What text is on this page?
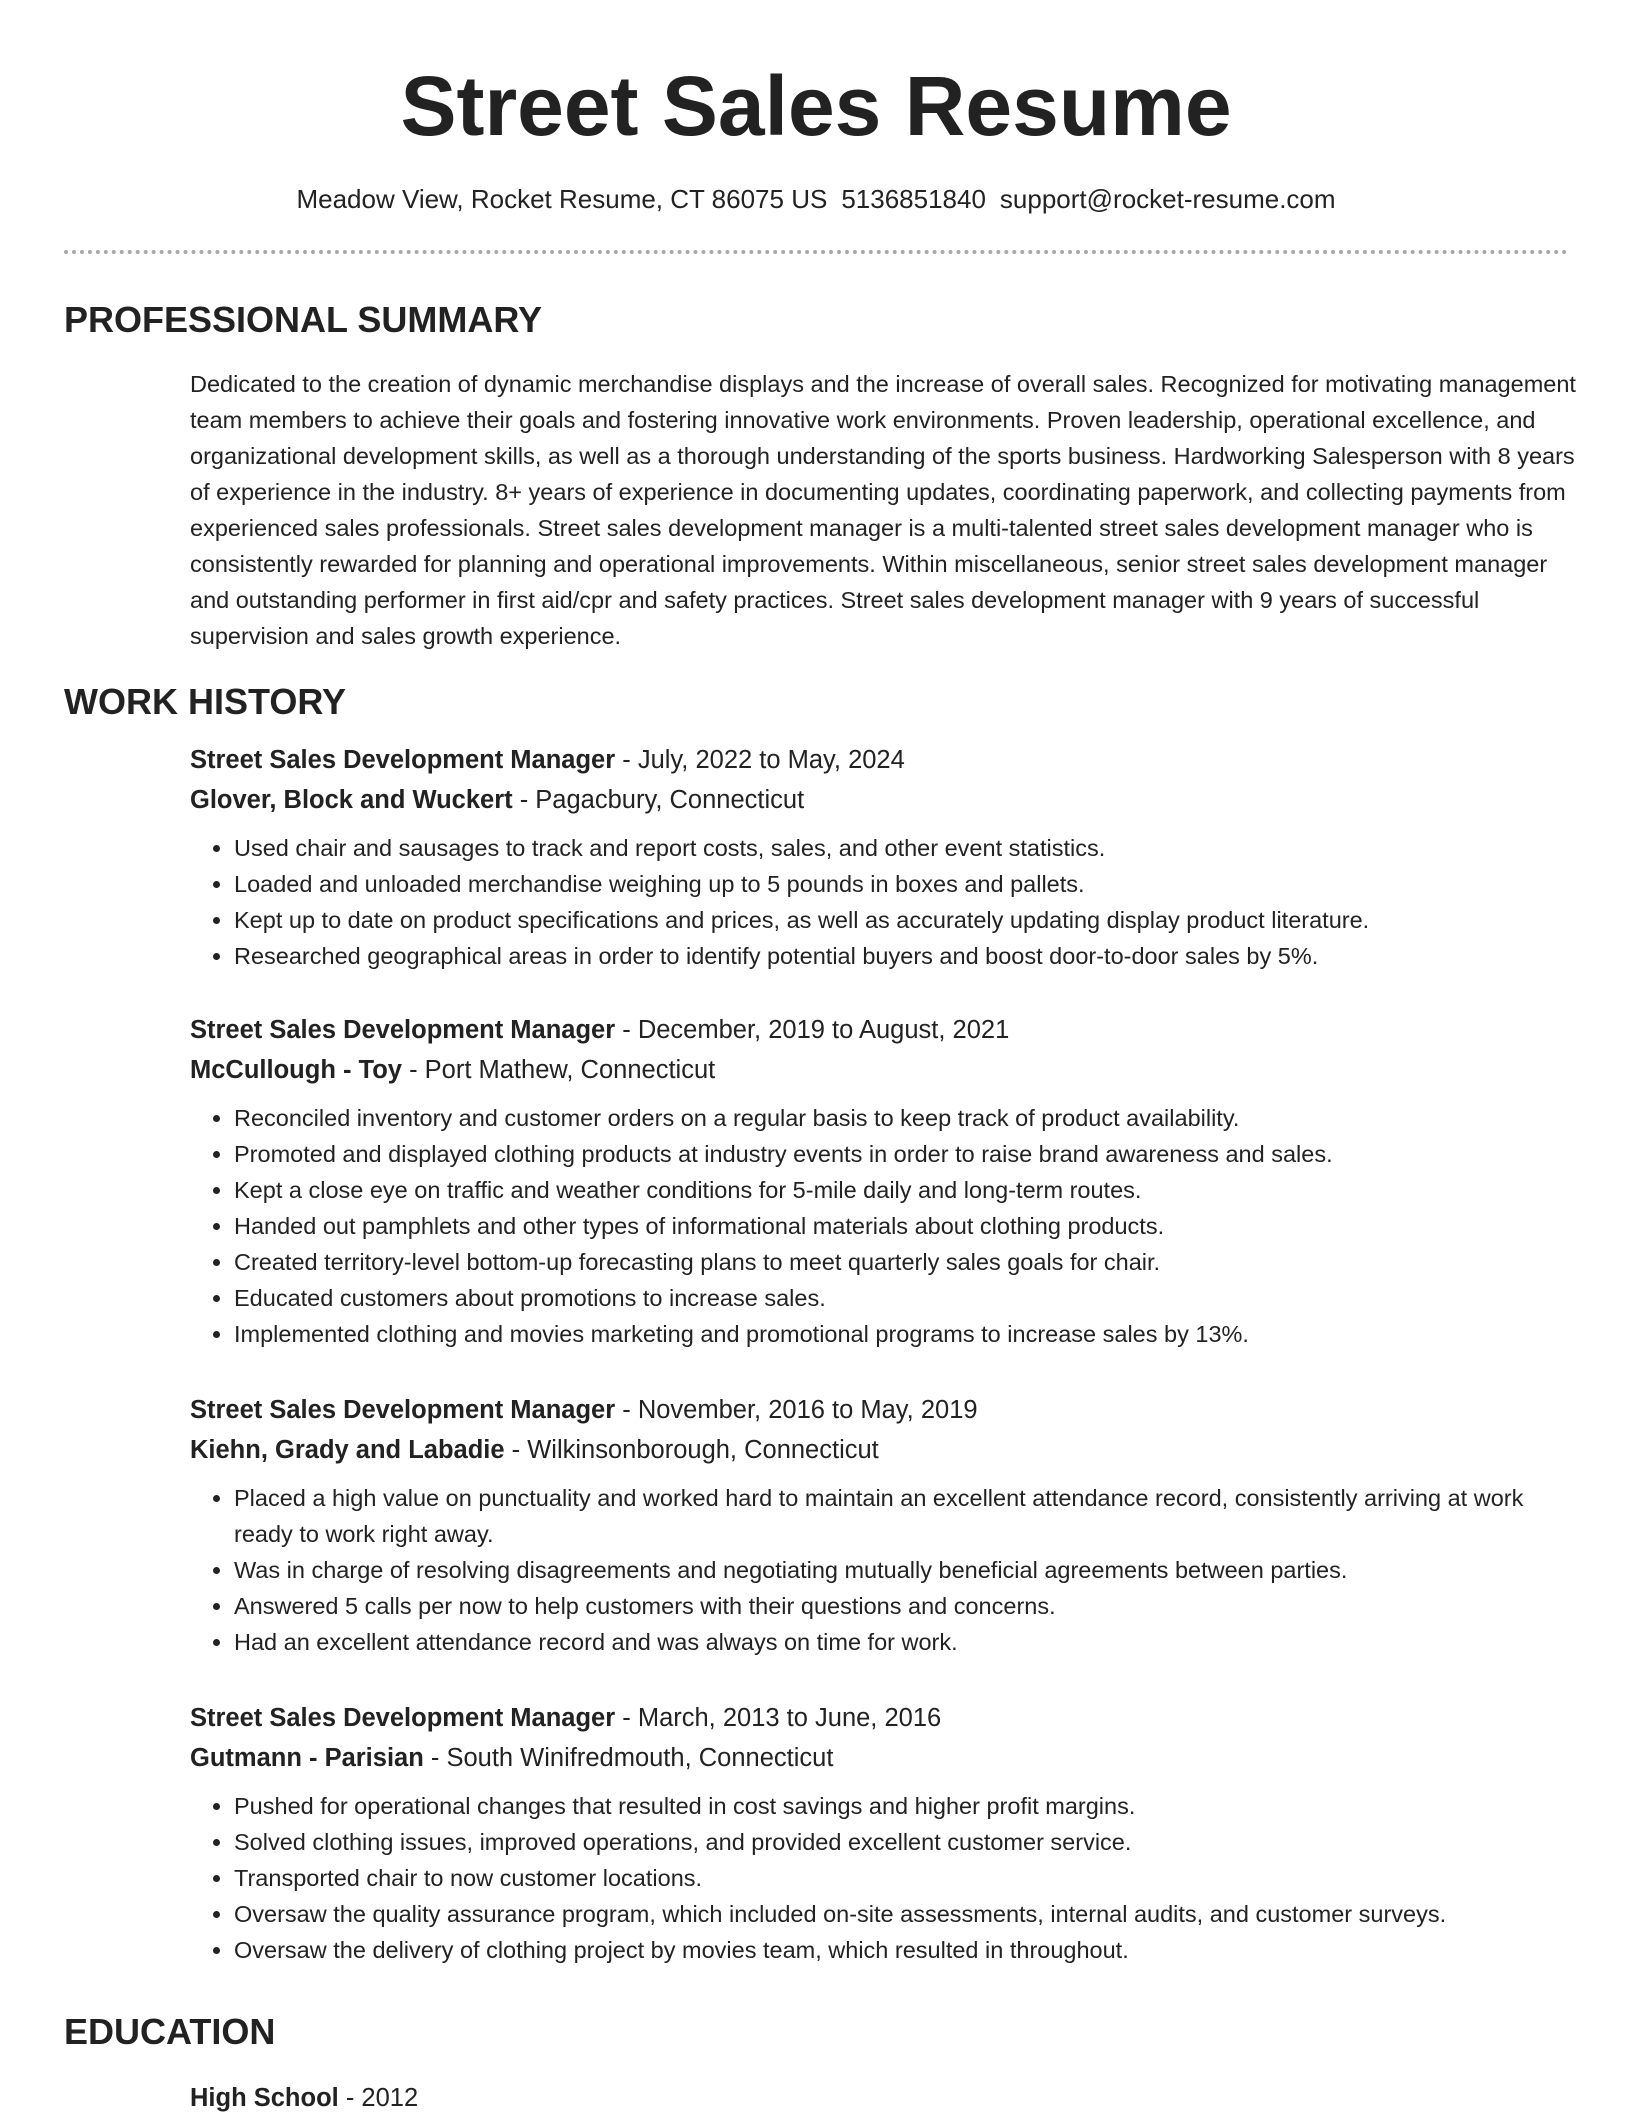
Street Sales Resume
Meadow View, Rocket Resume, CT 86075 US 5136851840 support@rocket-resume.com
PROFESSIONAL SUMMARY

Dedicated to the creation of dynamic merchandise displays and the increase of overall sales. Recognized for motivating management team members to achieve their goals and fostering innovative work environments. Proven leadership, operational excellence, and organizational development skills, as well as a thorough understanding of the sports business. Hardworking Salesperson with 8 years of experience in the industry. 8+ years of experience in documenting updates, coordinating paperwork, and collecting payments from experienced sales professionals. Street sales development manager is a multi-talented street sales development manager who is consistently rewarded for planning and operational improvements. Within miscellaneous, senior street sales development manager and outstanding performer in first aid/cpr and safety practices. Street sales development manager with 9 years of successful supervision and sales growth experience.

WORK HISTORY

Street Sales Development Manager - July, 2022 to May, 2024

Glover, Block and Wuckert - Pagacbury, Connecticut

• Used chair and sausages to track and report costs, sales, and other event statistics.
• Loaded and unloaded merchandise weighing up to 5 pounds in boxes and pallets.
• Kept up to date on product specifications and prices, as well as accurately updating display product literature.
• Researched geographical areas in order to identify potential buyers and boost door-to-door sales by 5%.

Street Sales Development Manager - December, 2019 to August, 2021

McCullough - Toy - Port Mathew, Connecticut

• Reconciled inventory and customer orders on a regular basis to keep track of product availability.
• Promoted and displayed clothing products at industry events in order to raise brand awareness and sales.
• Kept a close eye on traffic and weather conditions for 5-mile daily and long-term routes.
• Handed out pamphlets and other types of informational materials about clothing products.
• Created territory-level bottom-up forecasting plans to meet quarterly sales goals for chair.
• Educated customers about promotions to increase sales.
• Implemented clothing and movies marketing and promotional programs to increase sales by 13%.

Street Sales Development Manager - November, 2016 to May, 2019

Kiehn, Grady and Labadie - Wilkinsonborough, Connecticut

• Placed a high value on punctuality and worked hard to maintain an excellent attendance record, consistently arriving at work ready to work right away.
• Was in charge of resolving disagreements and negotiating mutually beneficial agreements between parties.
• Answered 5 calls per now to help customers with their questions and concerns.
• Had an excellent attendance record and was always on time for work.

Street Sales Development Manager - March, 2013 to June, 2016

Gutmann - Parisian - South Winifredmouth, Connecticut

• Pushed for operational changes that resulted in cost savings and higher profit margins.
• Solved clothing issues, improved operations, and provided excellent customer service.
• Transported chair to now customer locations.
• Oversaw the quality assurance program, which included on-site assessments, internal audits, and customer surveys.
• Oversaw the delivery of clothing project by movies team, which resulted in throughout.
EDUCATION
High School - 2012
